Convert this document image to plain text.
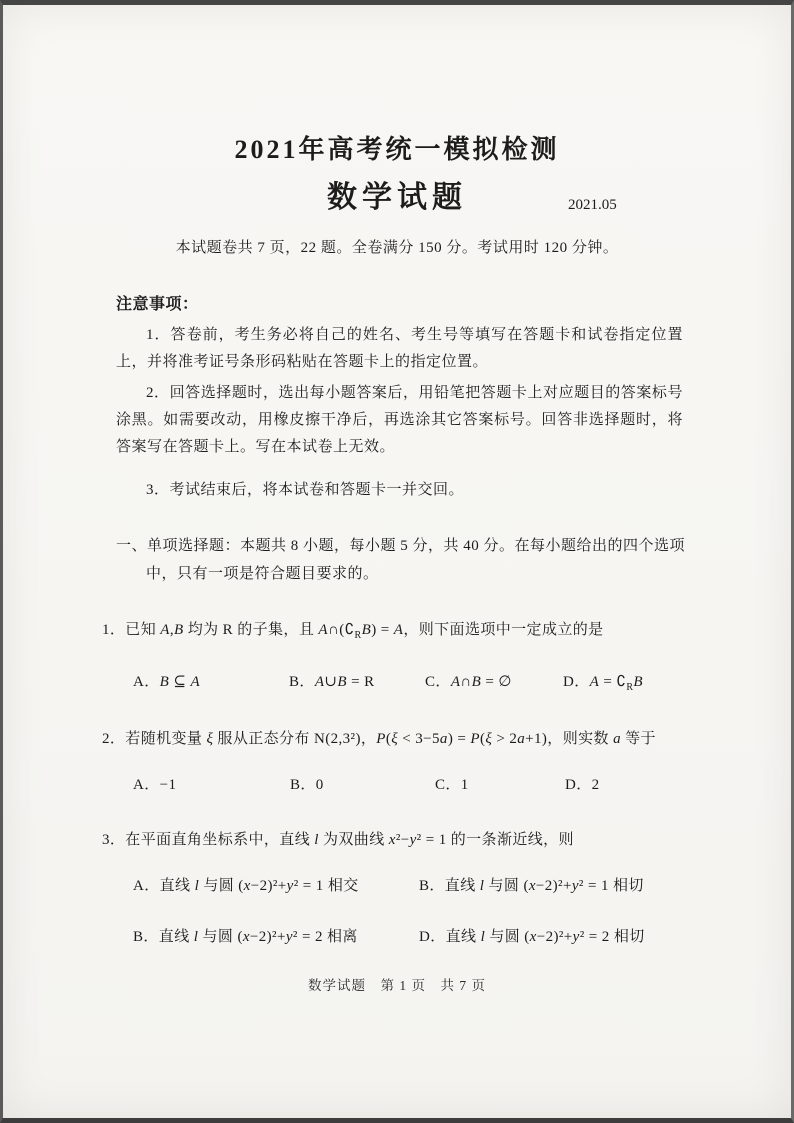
2021年高考统一模拟检测
数学试题	2021.05
本试题卷共 7 页，22 题。全卷满分 150 分。考试用时 120 分钟。
注意事项：
1．答卷前，考生务必将自己的姓名、考生号等填写在答题卡和试卷指定位置上，并将准考证号条形码粘贴在答题卡上的指定位置。
2．回答选择题时，选出每小题答案后，用铅笔把答题卡上对应题目的答案标号涂黑。如需要改动，用橡皮擦干净后，再选涂其它答案标号。回答非选择题时，将答案写在答题卡上。写在本试卷上无效。
3．考试结束后，将本试卷和答题卡一并交回。
一、单项选择题：本题共 8 小题，每小题 5 分，共 40 分。在每小题给出的四个选项中，只有一项是符合题目要求的。
1．已知 A,B 均为 R 的子集，且 $A\cap(∁_RB) = A$，则下面选项中一定成立的是
A．B ⊆ A	B．A∪B = R	C．A∩B = ∅	D．$A = ∁_RB$
2．若随机变量 ξ 服从正态分布 N(2,3²)，P(ξ < 3−5a) = P(ξ > 2a+1)，则实数 a 等于
A．−1	B．0	C．1	D．2
3．在平面直角坐标系中，直线 l 为双曲线 x²−y² = 1 的一条渐近线，则
A．直线 l 与圆 (x−2)²+y² = 1 相交	B．直线 l 与圆 (x−2)²+y² = 1 相切
B．直线 l 与圆 (x−2)²+y² = 2 相离	D．直线 l 与圆 (x−2)²+y² = 2 相切
数学试题　第 1 页　共 7 页
